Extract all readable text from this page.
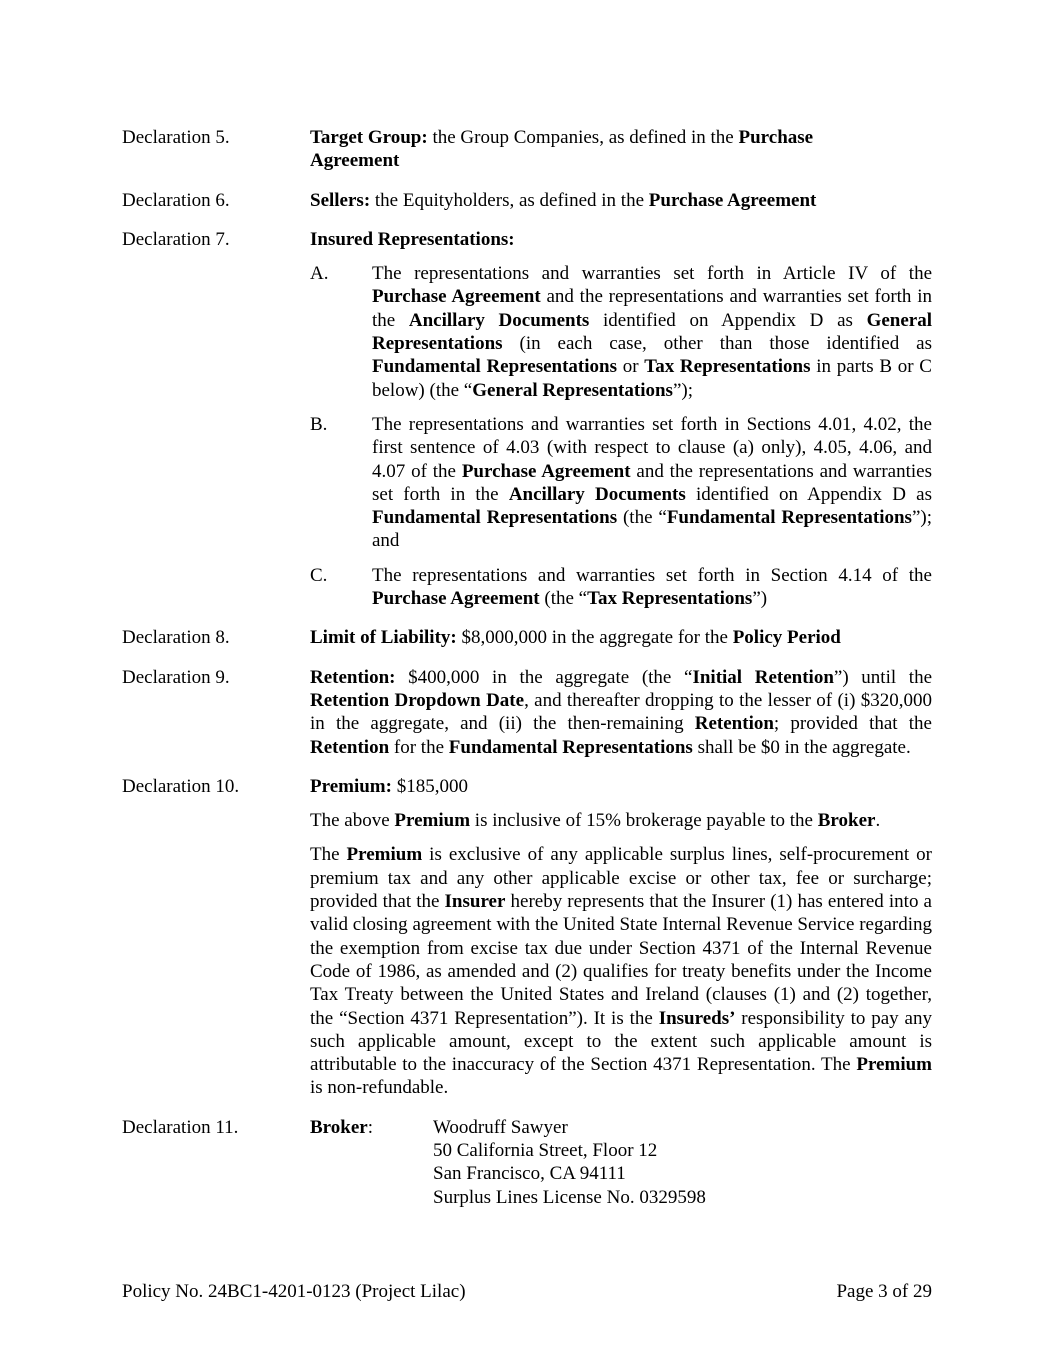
Declaration 5.	Target Group: the Group Companies, as defined in the Purchase
Agreement
Declaration 6.	Sellers: the Equityholders, as defined in the Purchase Agreement
Declaration 7.	Insured Representations:
A.	The representations and warranties set forth in Article IV of the Purchase Agreement and the representations and warranties set forth in the Ancillary Documents identified on Appendix D as General Representations (in each case, other than those identified as Fundamental Representations or Tax Representations in parts B or C below) (the “General Representations”);
B.	The representations and warranties set forth in Sections 4.01, 4.02, the first sentence of 4.03 (with respect to clause (a) only), 4.05, 4.06, and 4.07 of the Purchase Agreement and the representations and warranties set forth in the Ancillary Documents identified on Appendix D as Fundamental Representations (the “Fundamental Representations”); and
C.	The representations and warranties set forth in Section 4.14 of the Purchase Agreement (the “Tax Representations”)
Declaration 8.	Limit of Liability: $8,000,000 in the aggregate for the Policy Period
Declaration 9.	Retention: $400,000 in the aggregate (the “Initial Retention”) until the Retention Dropdown Date, and thereafter dropping to the lesser of (i) $320,000 in the aggregate, and (ii) the then-remaining Retention; provided that the Retention for the Fundamental Representations shall be $0 in the aggregate.
Declaration 10.	Premium: $185,000
The above Premium is inclusive of 15% brokerage payable to the Broker.
The Premium is exclusive of any applicable surplus lines, self-procurement or premium tax and any other applicable excise or other tax, fee or surcharge; provided that the Insurer hereby represents that the Insurer (1) has entered into a valid closing agreement with the United State Internal Revenue Service regarding the exemption from excise tax due under Section 4371 of the Internal Revenue Code of 1986, as amended and (2) qualifies for treaty benefits under the Income Tax Treaty between the United States and Ireland (clauses (1) and (2) together, the “Section 4371 Representation”). It is the Insureds’ responsibility to pay any such applicable amount, except to the extent such applicable amount is attributable to the inaccuracy of the Section 4371 Representation. The Premium is non-refundable.
Declaration 11.	Broker:	Woodruff Sawyer
50 California Street, Floor 12
San Francisco, CA 94111
Surplus Lines License No. 0329598
Policy No. 24BC1-4201-0123 (Project Lilac)	Page 3 of 29
